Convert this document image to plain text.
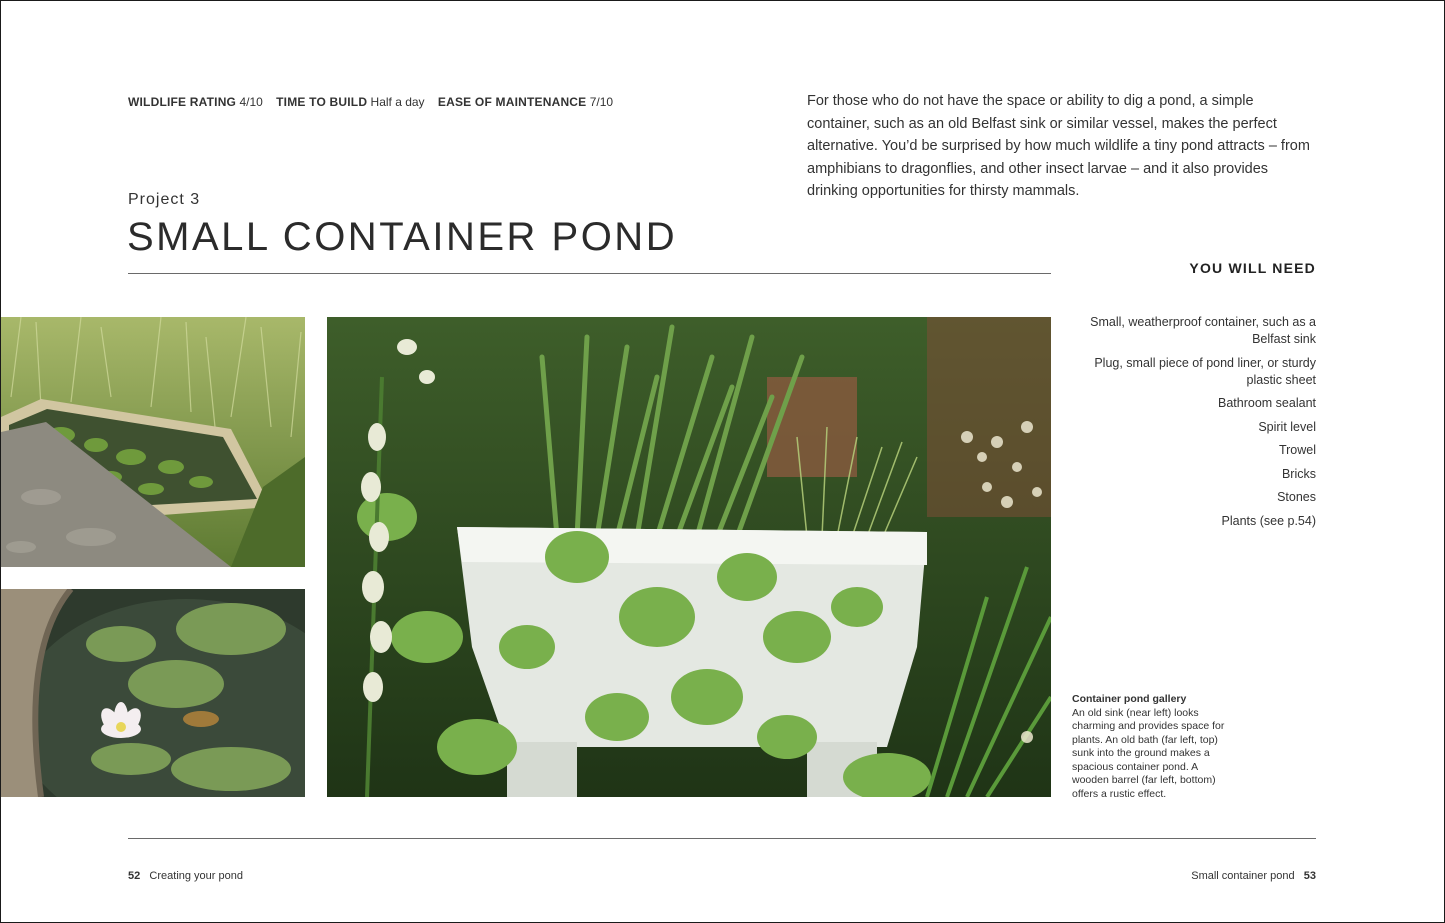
WILDLIFE RATING 4/10 TIME TO BUILD Half a day EASE OF MAINTENANCE 7/10
Project 3
SMALL CONTAINER POND

For those who do not have the space or ability to dig a pond, a simple container, such as an old Belfast sink or similar vessel, makes the perfect alternative. You’d be surprised by how much wildlife a tiny pond attracts – from amphibians to dragonflies, and other insect larvae – and it also provides drinking opportunities for thirsty mammals.

YOU WILL NEED
Small, weatherproof container, such as a Belfast sink
Plug, small piece of pond liner, or sturdy plastic sheet
Bathroom sealant
Spirit level
Trowel
Bricks
Stones
Plants (see p.54)
Container pond gallery
An old sink (near left) looks charming and provides space for plants. An old bath (far left, top) sunk into the ground makes a spacious container pond. A wooden barrel (far left, bottom) offers a rustic effect.
52 Creating your pond	Small container pond 53
